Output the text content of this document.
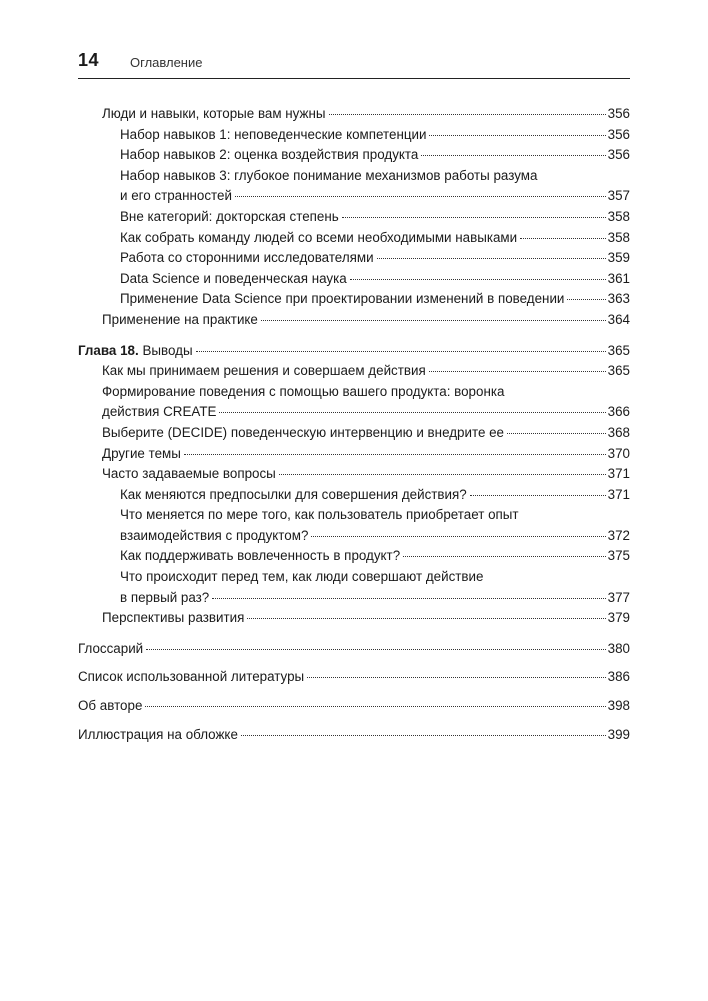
14 Оглавление
Люди и навыки, которые вам нужны	356
Набор навыков 1: неповеденческие компетенции	356
Набор навыков 2: оценка воздействия продукта	356
Набор навыков 3: глубокое понимание механизмов работы разума
и его странностей	357
Вне категорий: докторская степень	358
Как собрать команду людей со всеми необходимыми навыками	358
Работа со сторонними исследователями	359
Data Science и поведенческая наука	361
Применение Data Science при проектировании изменений в поведении	363
Применение на практике	364
Глава 18. Выводы	365
Как мы принимаем решения и совершаем действия	365
Формирование поведения с помощью вашего продукта: воронка
действия CREATE	366
Выберите (DECIDE) поведенческую интервенцию и внедрите ее	368
Другие темы	370
Часто задаваемые вопросы	371
Как меняются предпосылки для совершения действия?	371
Что меняется по мере того, как пользователь приобретает опыт
взаимодействия с продуктом?	372
Как поддерживать вовлеченность в продукт?	375
Что происходит перед тем, как люди совершают действие
в первый раз?	377
Перспективы развития	379
Глоссарий	380
Список использованной литературы	386
Об авторе	398
Иллюстрация на обложке	399
